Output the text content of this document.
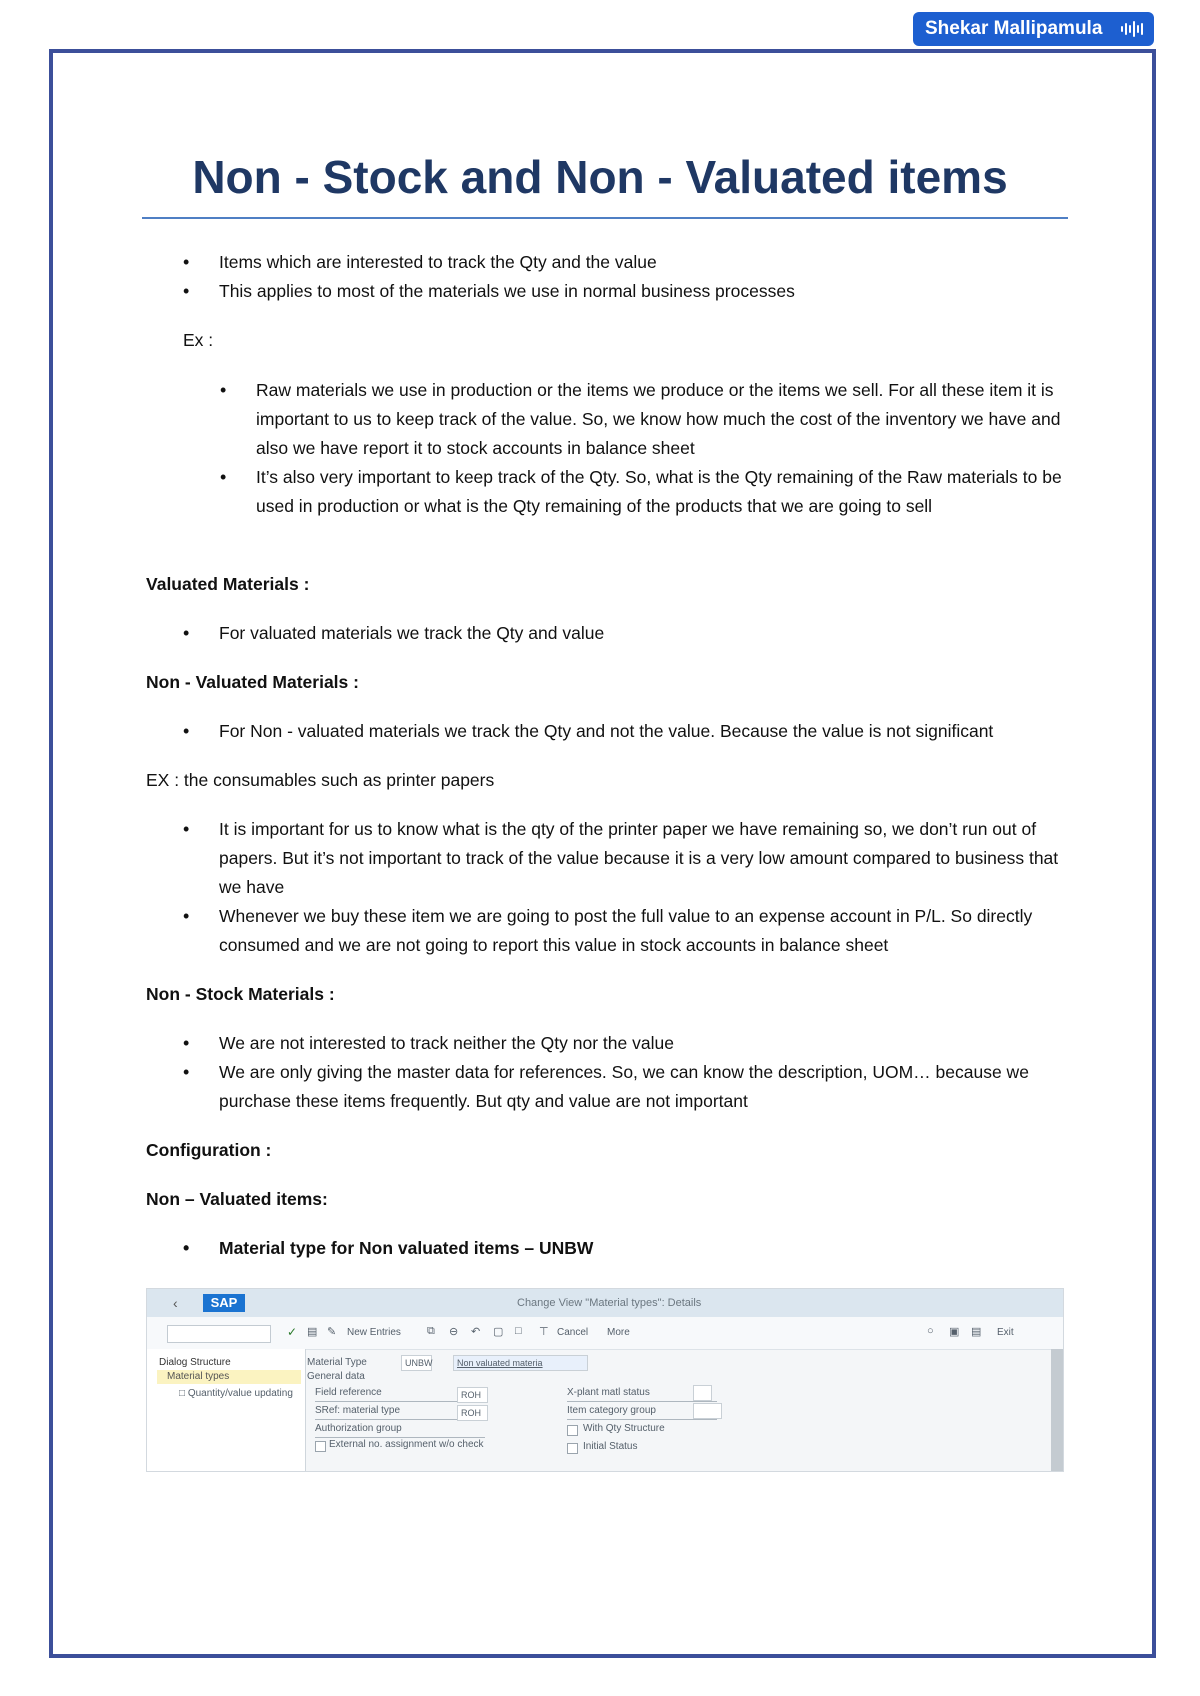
Shekar Mallipamula
Non - Stock and Non - Valuated items
• Items which are interested to track the Qty and the value
• This applies to most of the materials we use in normal business processes
Ex :
• Raw materials we use in production or the items we produce or the items we sell. For all these item it is important to us to keep track of the value. So, we know how much the cost of the inventory we have and also we have report it to stock accounts in balance sheet
• It’s also very important to keep track of the Qty. So, what is the Qty remaining of the Raw materials to be used in production or what is the Qty remaining of the products that we are going to sell
Valuated Materials :
• For valuated materials we track the Qty and value
Non - Valuated Materials :
• For Non - valuated materials we track the Qty and not the value. Because the value is not significant
EX : the consumables such as printer papers
• It is important for us to know what is the qty of the printer paper we have remaining so, we don’t run out of papers. But it’s not important to track of the value because it is a very low amount compared to business that we have
• Whenever we buy these item we are going to post the full value to an expense account in P/L. So directly consumed and we are not going to report this value in stock accounts in balance sheet
Non - Stock Materials :
• We are not interested to track neither the Qty nor the value
• We are only giving the master data for references. So, we can know the description, UOM… because we purchase these items frequently. But qty and value are not important
Configuration :
Non – Valuated items:
• Material type for Non valuated items – UNBW
‹	SAP	Change View "Material types": Details
✓ ▤ ✎ New Entries ⧉ ⊖ ↶ ▢ □ ⊤ Cancel More	○ ▣ ▤ Exit
Dialog Structure
Material types
□ Quantity/value updating
Material Type	UNBW	Non valuated materia
General data
Field reference	ROH
SRef: material type	ROH
Authorization group
External no. assignment w/o check
X-plant matl status
Item category group
With Qty Structure
Initial Status
